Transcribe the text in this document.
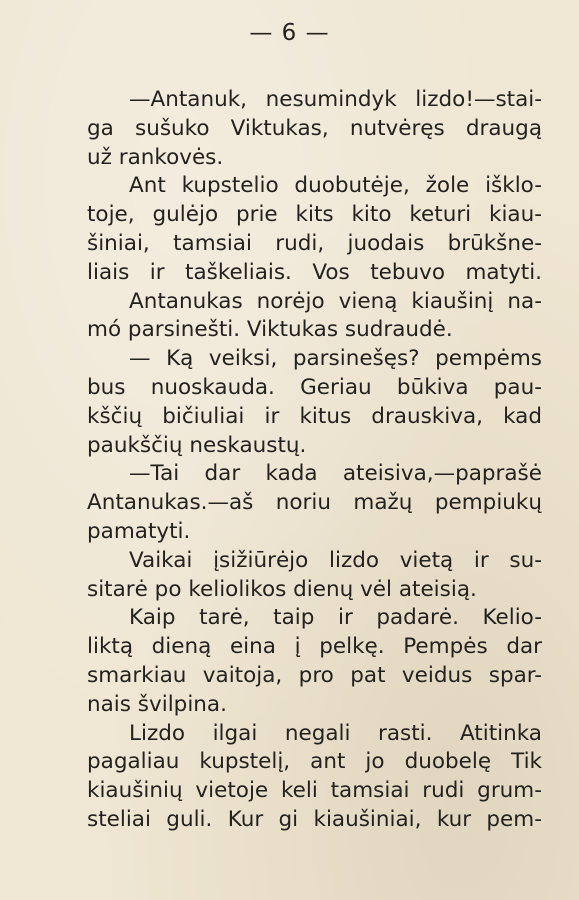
— 6 —
—Antanuk, nesumindyk lizdo!—stai-
ga sušuko Viktukas, nutvėręs draugą
už rankovės.
Ant kupstelio duobutėje, žole išklo-
toje, gulėjo prie kits kito keturi kiau-
šiniai, tamsiai rudi, juodais brūkšne-
liais ir taškeliais. Vos tebuvo matyti.
Antanukas norėjo vieną kiaušinį na-
mó parsinešti. Viktukas sudraudė.
— Ką veiksi, parsinešęs? pempėms
bus nuoskauda. Geriau būkiva pau-
kščių bičiuliai ir kitus drauskiva, kad
paukščių neskaustų.
—Tai dar kada ateisiva,—paprašė
Antanukas.—aš noriu mažų pempiukų
pamatyti.
Vaikai įsižiūrėjo lizdo vietą ir su-
sitarė po keliolikos dienų vėl ateisią.
Kaip tarė, taip ir padarė. Kelio-
liktą dieną eina į pelkę. Pempės dar
smarkiau vaitoja, pro pat veidus spar-
nais švilpina.
Lizdo ilgai negali rasti. Atitinka
pagaliau kupstelį, ant jo duobelę Tik
kiaušinių vietoje keli tamsiai rudi grum-
steliai guli. Kur gi kiaušiniai, kur pem-
